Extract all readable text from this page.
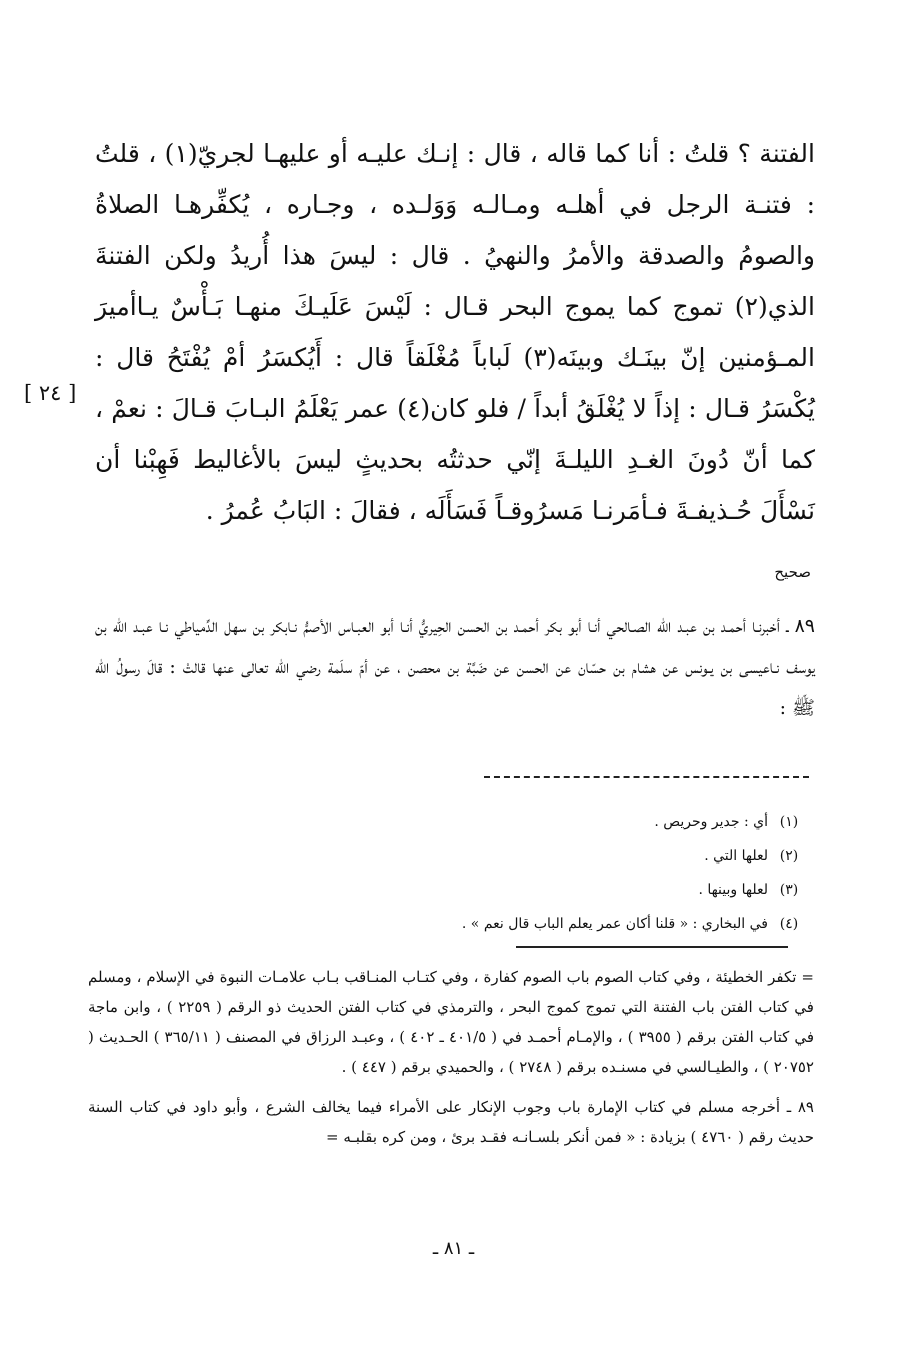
الفتنة ؟ قلتُ : أنا كما قاله ، قال : إنـك عليـه أو عليهـا لجريّ(١) ، قلتُ : فتنـة الرجل في أهلـه ومـالـه وَوَلـده ، وجـاره ، يُكفِّرهـا الصلاةُ والصومُ والصدقة والأمرُ والنهيُ . قال : ليسَ هذا أُريدُ ولكن الفتنةَ الذي(٢) تموج كما يموج البحر قـال : لَيْسَ عَلَيـكَ منهـا بَـأْسٌ يـاأميرَ المـؤمنين إنّ بينَـك وبينَه(٣) لَباباً مُغْلَقاً قال : أَيُكسَرُ أمْ يُفْتَحُ قال : يُكْسَرُ قـال : إذاً لا يُغْلَقُ أبداً / فلو كان(٤) عمر يَعْلَمُ البـابَ قـالَ : نعمْ ، كما أنّ دُونَ الغـدِ الليلـةَ إنّي حدثتُه بحديثٍ ليسَ بالأغاليط فَهِبْنا أن نَسْأَلَ حُـذيفـةَ فـأمَرنـا مَسرُوقـاً فَسَأَلَه ، فقالَ : البَابُ عُمرُ .

[ ٢٤ ]
صحيح

٨٩ ـ أخبرنـا أحمـد بن عبـد الله الصـالحي أنـا أبو بكر أحمـد بن الحسن الحِيريُّ أنـا أبو العبـاس الأصمُّ نـابكر بن سهل الدِّمياطي نـا عبـد الله بن يوسف نـاعيسى بن يـونس عن هشام بن حسّان عن الحسن عن ضَبَّة بن محصن ، عن أمّ سلَمة رضي الله تعالى عنها قالتْ : قالَ رسولُ الله ﷺ :

(١)
أي : جدير وحريص .
(٢)
لعلها التي .
(٣)
لعلها وبينها .
(٤)
في البخاري : « قلنا أكان عمر يعلم الباب قال نعم » .

= تكفر الخطيئة ، وفي كتاب الصوم باب الصوم كفارة ، وفي كتـاب المنـاقب بـاب علامـات النبوة في الإسلام ، ومسلم في كتاب الفتن باب الفتنة التي تموج كموج البحر ، والترمذي في كتاب الفتن الحديث ذو الرقم ( ٢٢٥٩ ) ، وابن ماجة في كتاب الفتن برقم ( ٣٩٥٥ ) ، والإمـام أحمـد في ( ٤٠١/٥ ـ ٤٠٢ ) ، وعبـد الرزاق في المصنف ( ٣٦٥/١١ ) الحـديث ( ٢٠٧٥٢ ) ، والطيـالسي في مسنـده برقم ( ٢٧٤٨ ) ، والحميدي برقم ( ٤٤٧ ) .

٨٩ ـ أخرجه مسلم في كتاب الإمارة باب وجوب الإنكار على الأمراء فيما يخالف الشرع ، وأبو داود في كتاب السنة حديث رقم ( ٤٧٦٠ ) بزيادة : « فمن أنكر بلسـانـه فقـد برئ ، ومن كره بقلبـه =

ـ ٨١ ـ
